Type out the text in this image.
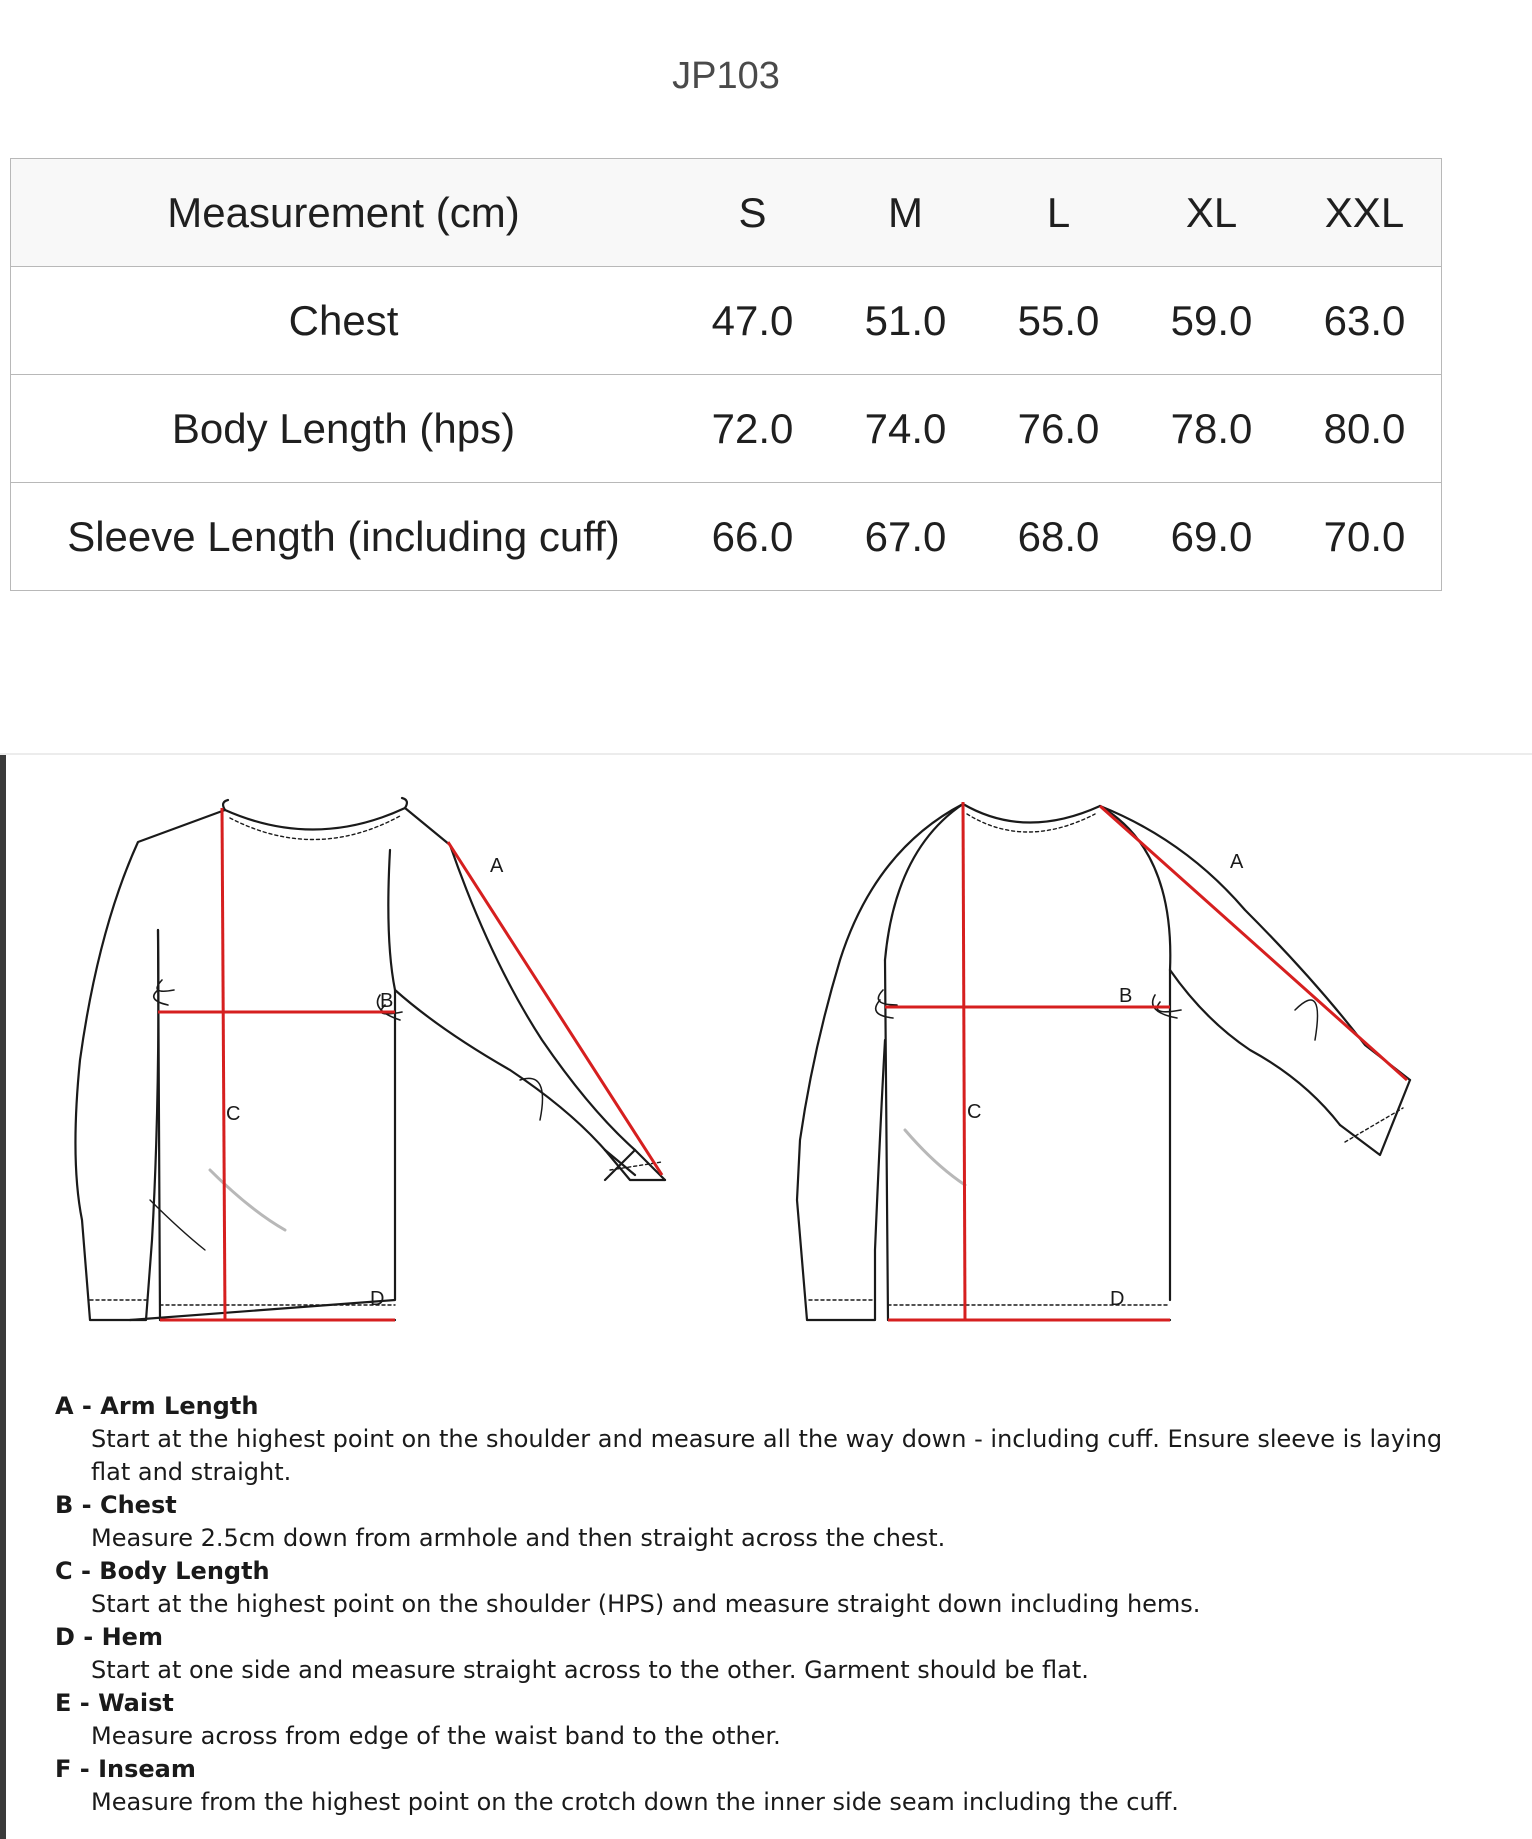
JP103
Measurement (cm)	S	M	L	XL	XXL
Chest	47.0	51.0	55.0	59.0	63.0
Body Length (hps)	72.0	74.0	76.0	78.0	80.0
Sleeve Length (including cuff)	66.0	67.0	68.0	69.0	70.0
A
B
C
D
A
B
C
D
A - Arm Length
Start at the highest point on the shoulder and measure all the way down - including cuff. Ensure sleeve is laying flat and straight.
B - Chest
Measure 2.5cm down from armhole and then straight across the chest.
C - Body Length
Start at the highest point on the shoulder (HPS) and measure straight down including hems.
D - Hem
Start at one side and measure straight across to the other. Garment should be flat.
E - Waist
Measure across from edge of the waist band to the other.
F - Inseam
Measure from the highest point on the crotch down the inner side seam including the cuff.
